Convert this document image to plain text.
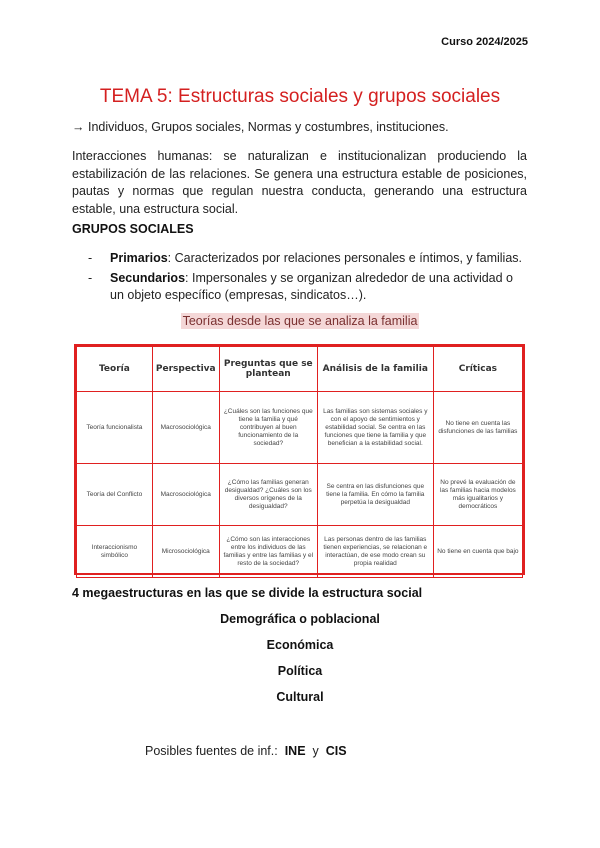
Curso 2024/2025
TEMA 5: Estructuras sociales y grupos sociales
→ Individuos, Grupos sociales, Normas y costumbres, instituciones.
Interacciones humanas: se naturalizan e institucionalizan produciendo la estabilización de las relaciones. Se genera una estructura estable de posiciones, pautas y normas que regulan nuestra conducta, generando una estructura estable, una estructura social.
GRUPOS SOCIALES
- Primarios: Caracterizados por relaciones personales e íntimos, y familias.
- Secundarios: Impersonales y se organizan alrededor de una actividad o un objeto específico (empresas, sindicatos…).
Teorías desde las que se analiza la familia
Teoría	Perspectiva	Preguntas que se plantean	Análisis de la familia	Críticas
Teoría funcionalista	Macrosociológica	¿Cuáles son las funciones que tiene la familia y qué contribuyen al buen funcionamiento de la sociedad?	Las familias son sistemas sociales y con el apoyo de sentimientos y estabilidad social. Se centra en las funciones que tiene la familia y que benefician a la estabilidad social.	No tiene en cuenta las disfunciones de las familias
Teoría del Conflicto	Macrosociológica	¿Cómo las familias generan desigualdad? ¿Cuáles son los diversos orígenes de la desigualdad?	Se centra en las disfunciones que tiene la familia. En cómo la familia perpetúa la desigualdad	No prevé la evaluación de las familias hacia modelos más igualitarios y democráticos
Interaccionismo simbólico	Microsociológica	¿Cómo son las interacciones entre los individuos de las familias y entre las familias y el resto de la sociedad?	Las personas dentro de las familias tienen experiencias, se relacionan e interactúan, de ese modo crean su propia realidad	No tiene en cuenta que bajo
4 megaestructuras en las que se divide la estructura social
Demográfica o poblacional
Económica
Política
Cultural
Posibles fuentes de inf.: INE y CIS
